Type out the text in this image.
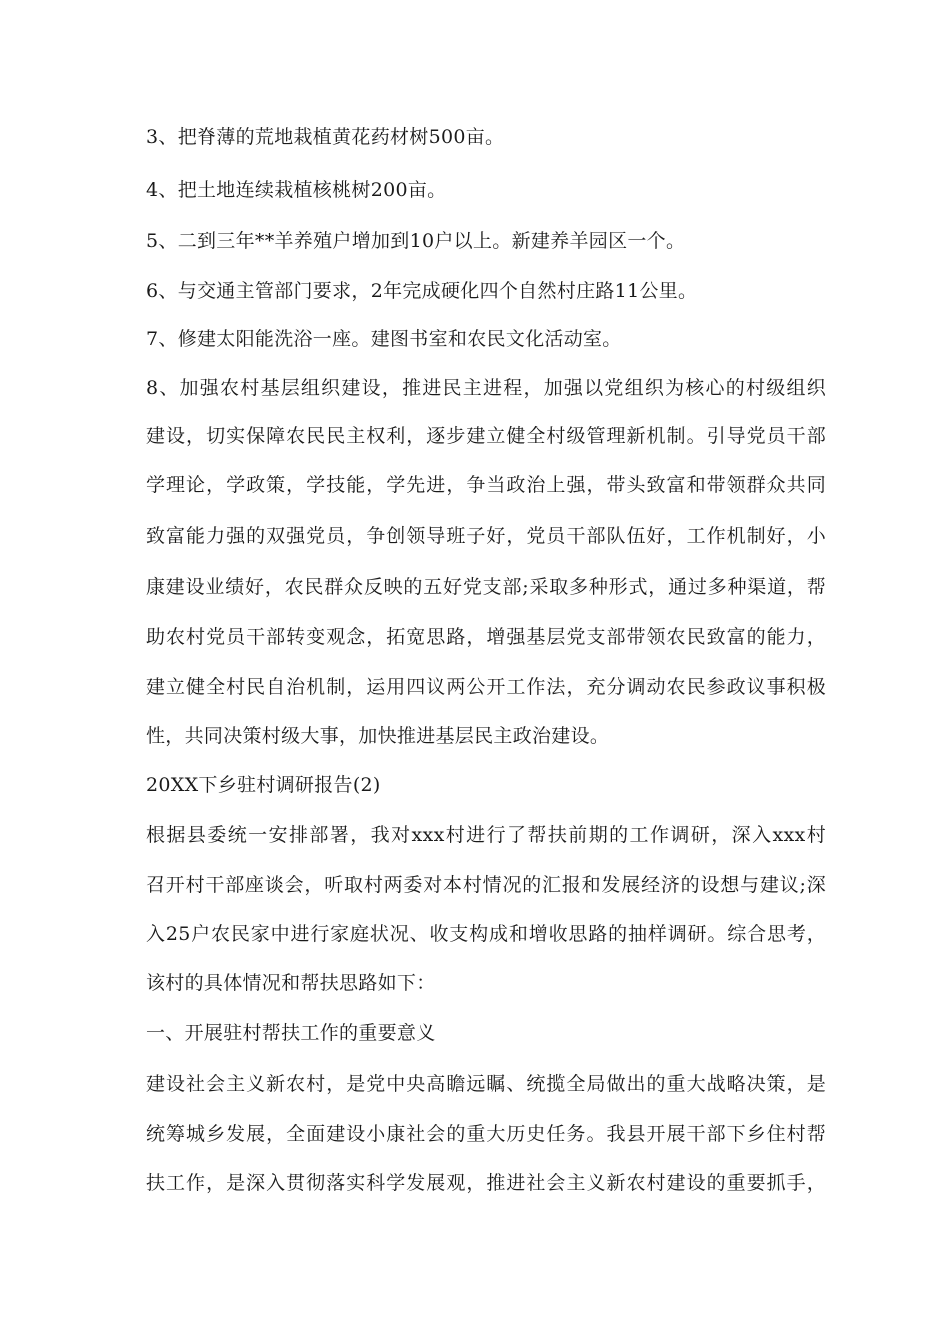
3、把脊薄的荒地栽植黄花药材树500亩。
4、把土地连续栽植核桃树200亩。
5、二到三年**羊养殖户增加到10户以上。新建养羊园区一个。
6、与交通主管部门要求，2年完成硬化四个自然村庄路11公里。
7、修建太阳能洗浴一座。建图书室和农民文化活动室。
8、加强农村基层组织建设，推进民主进程，加强以党组织为核心的村级组织
建设，切实保障农民民主权利，逐步建立健全村级管理新机制。引导党员干部
学理论，学政策，学技能，学先进，争当政治上强，带头致富和带领群众共同
致富能力强的双强党员，争创领导班子好，党员干部队伍好，工作机制好，小
康建设业绩好，农民群众反映的五好党支部;采取多种形式，通过多种渠道，帮
助农村党员干部转变观念，拓宽思路，增强基层党支部带领农民致富的能力，
建立健全村民自治机制，运用四议两公开工作法，充分调动农民参政议事积极
性，共同决策村级大事，加快推进基层民主政治建设。
20XX下乡驻村调研报告(2)
根据县委统一安排部署，我对xxx村进行了帮扶前期的工作调研，深入xxx村
召开村干部座谈会，听取村两委对本村情况的汇报和发展经济的设想与建议;深
入25户农民家中进行家庭状况、收支构成和增收思路的抽样调研。综合思考，
该村的具体情况和帮扶思路如下：
一、开展驻村帮扶工作的重要意义
建设社会主义新农村，是党中央高瞻远瞩、统揽全局做出的重大战略决策，是
统筹城乡发展，全面建设小康社会的重大历史任务。我县开展干部下乡住村帮
扶工作，是深入贯彻落实科学发展观，推进社会主义新农村建设的重要抓手，
